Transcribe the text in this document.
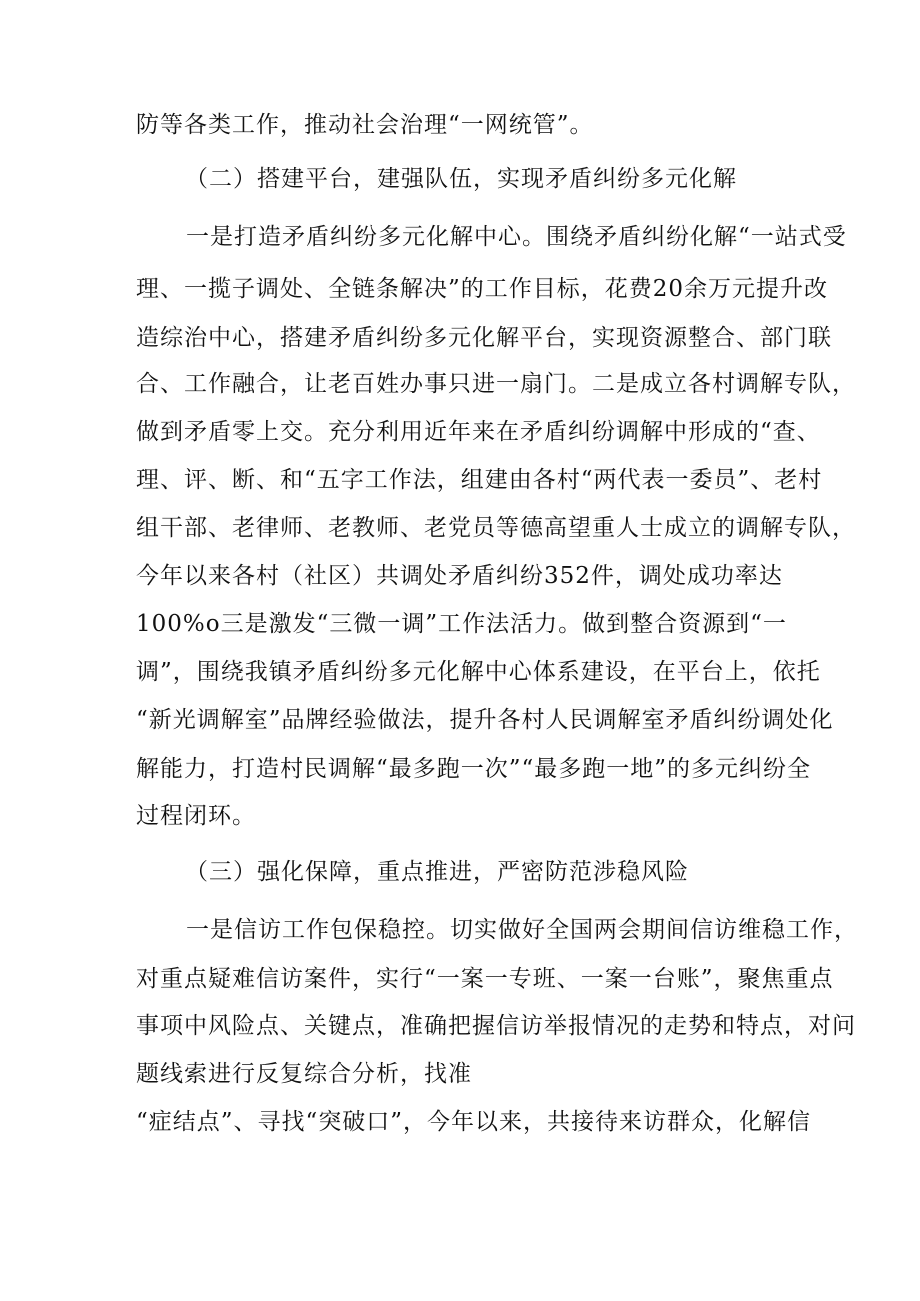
防等各类工作，推动社会治理“一网统管”。
（二）搭建平台，建强队伍，实现矛盾纠纷多元化解
一是打造矛盾纠纷多元化解中心。围绕矛盾纠纷化解“一站式受
理、一揽子调处、全链条解决”的工作目标，花费20余万元提升改
造综治中心，搭建矛盾纠纷多元化解平台，实现资源整合、部门联
合、工作融合，让老百姓办事只进一扇门。二是成立各村调解专队，
做到矛盾零上交。充分利用近年来在矛盾纠纷调解中形成的“查、
理、评、断、和“五字工作法，组建由各村“两代表一委员”、老村
组干部、老律师、老教师、老党员等德高望重人士成立的调解专队，
今年以来各村（社区）共调处矛盾纠纷352件，调处成功率达
100%o三是激发“三微一调”工作法活力。做到整合资源到“一
调”，围绕我镇矛盾纠纷多元化解中心体系建设，在平台上，依托
“新光调解室”品牌经验做法，提升各村人民调解室矛盾纠纷调处化
解能力，打造村民调解“最多跑一次”“最多跑一地”的多元纠纷全
过程闭环。
（三）强化保障，重点推进，严密防范涉稳风险
一是信访工作包保稳控。切实做好全国两会期间信访维稳工作，
对重点疑难信访案件，实行“一案一专班、一案一台账”，聚焦重点
事项中风险点、关键点，准确把握信访举报情况的走势和特点，对问
题线索进行反复综合分析，找准
“症结点”、寻找“突破口”，今年以来，共接待来访群众，化解信
